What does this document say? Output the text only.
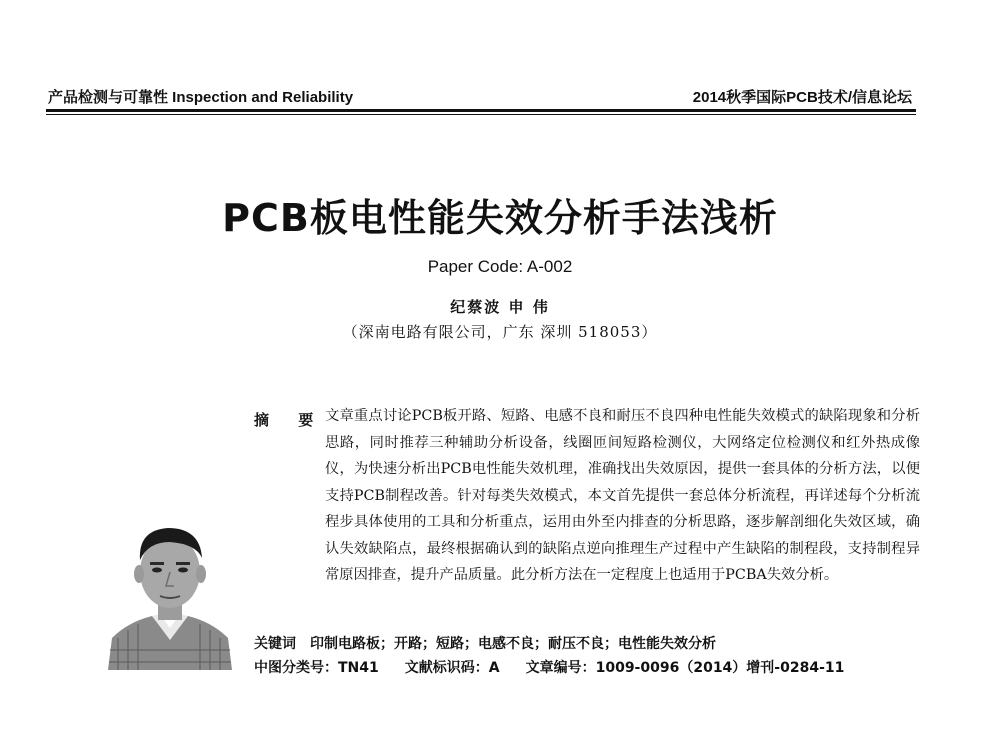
产品检测与可靠性 Inspection and Reliability	2014秋季国际PCB技术/信息论坛
PCB板电性能失效分析手法浅析
Paper Code: A-002
纪蔡波 申 伟
（深南电路有限公司，广东 深圳 518053）
摘 要 文章重点讨论PCB板开路、短路、电感不良和耐压不良四种电性能失效模式的缺陷现象和分析思路，同时推荐三种辅助分析设备，线圈匝间短路检测仪，大网络定位检测仪和红外热成像仪，为快速分析出PCB电性能失效机理，准确找出失效原因，提供一套具体的分析方法，以便支持PCB制程改善。针对每类失效模式，本文首先提供一套总体分析流程，再详述每个分析流程步具体使用的工具和分析重点，运用由外至内排查的分析思路，逐步解剖细化失效区域，确认失效缺陷点，最终根据确认到的缺陷点逆向推理生产过程中产生缺陷的制程段，支持制程异常原因排查，提升产品质量。此分析方法在一定程度上也适用于PCBA失效分析。
关键词 印制电路板；开路；短路；电感不良；耐压不良；电性能失效分析
中图分类号：TN41 文献标识码：A 文章编号：1009-0096（2014）增刊-0284-11
